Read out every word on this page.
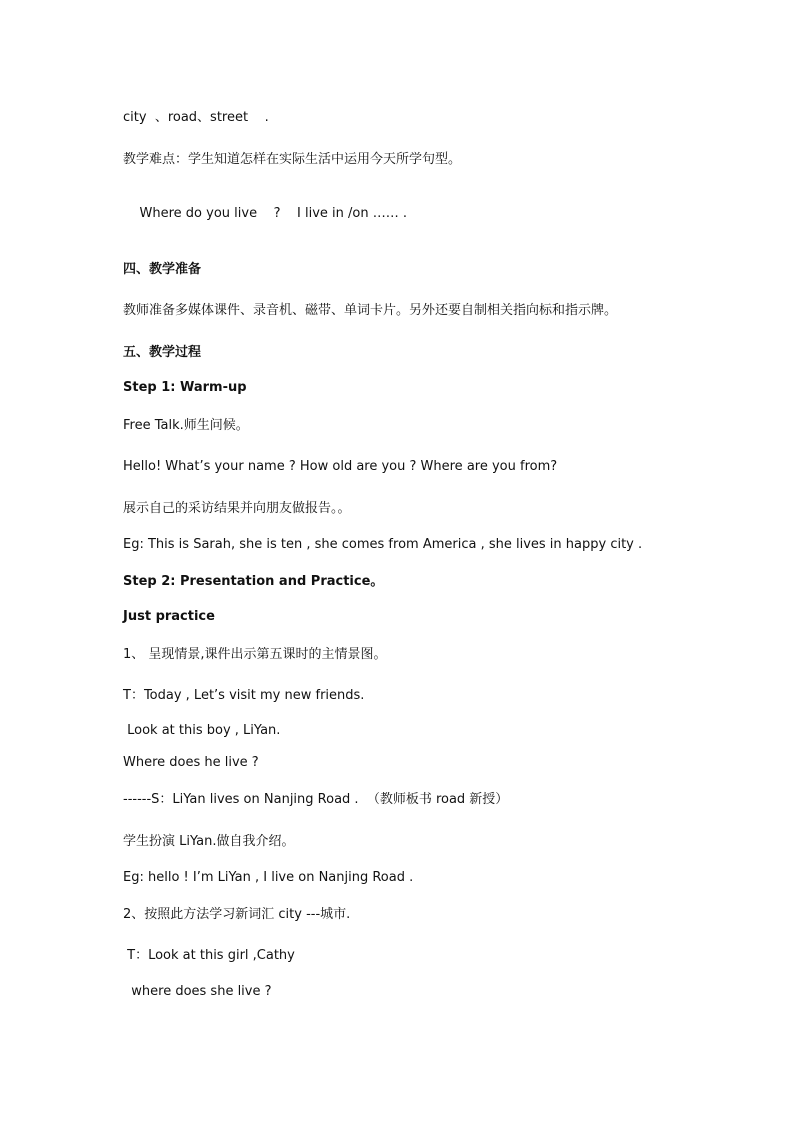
city  、road、street    .
教学难点：学生知道怎样在实际生活中运用今天所学句型。
Where do you live    ?    I live in /on …… .
四、教学准备
教师准备多媒体课件、录音机、磁带、单词卡片。另外还要自制相关指向标和指示牌。
五、教学过程
Step 1: Warm-up
Free Talk.师生问候。
Hello! What’s your name ? How old are you ? Where are you from?
展示自己的采访结果并向朋友做报告。。
Eg: This is Sarah, she is ten , she comes from America , she lives in happy city .
Step 2: Presentation and Practice。
Just practice
1、 呈现情景,课件出示第五课时的主情景图。
T：Today , Let’s visit my new friends.
Look at this boy , LiYan.
Where does he live ?
------S：LiYan lives on Nanjing Road .  （教师板书 road 新授）
学生扮演 LiYan.做自我介绍。
Eg: hello ! I’m LiYan , I live on Nanjing Road .
2、按照此方法学习新词汇 city ---城市.
T：Look at this girl ,Cathy
where does she live ?
